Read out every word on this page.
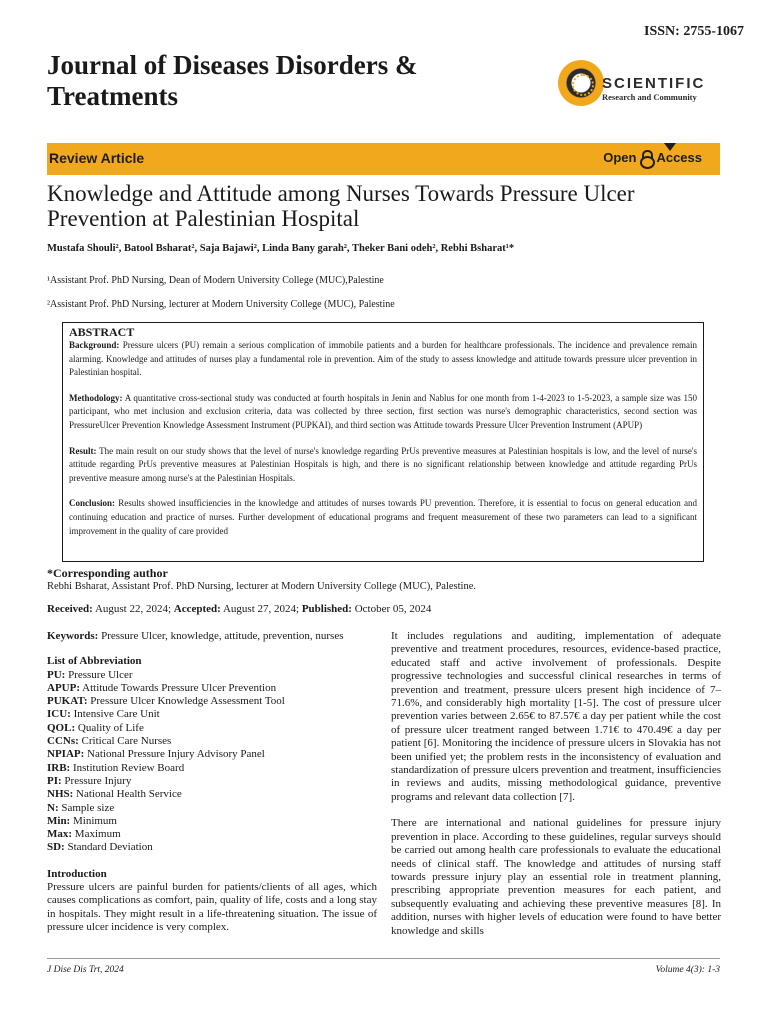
ISSN: 2755-1067
Journal of Diseases Disorders & Treatments	SCIENTIFIC
Research and Community
Review Article	Open Access
Knowledge and Attitude among Nurses Towards Pressure Ulcer Prevention at Palestinian Hospital
Mustafa Shouli², Batool Bsharat², Saja Bajawi², Linda Bany garah², Theker Bani odeh², Rebhi Bsharat¹*
¹Assistant Prof. PhD Nursing, Dean of Modern University College (MUC),Palestine
²Assistant Prof. PhD Nursing, lecturer at Modern University College (MUC), Palestine
ABSTRACT

Background: Pressure ulcers (PU) remain a serious complication of immobile patients and a burden for healthcare professionals. The incidence and prevalence remain alarming. Knowledge and attitudes of nurses play a fundamental role in prevention. Aim of the study to assess knowledge and attitude towards pressure ulcer prevention in Palestinian hospital.

Methodology: A quantitative cross-sectional study was conducted at fourth hospitals in Jenin and Nablus for one month from 1-4-2023 to 1-5-2023, a sample size was 150 participant, who met inclusion and exclusion criteria, data was collected by three section, first section was nurse's demographic characteristics, second section was PressureUlcer Prevention Knowledge Assessment Instrument (PUPKAI), and third section was Attitude towards Pressure Ulcer Prevention Instrument (APUP)

Result: The main result on our study shows that the level of nurse's knowledge regarding PrUs preventive measures at Palestinian hospitals is low, and the level of nurse's attitude regarding PrUs preventive measures at Palestinian Hospitals is high, and there is no significant relationship between knowledge and attitude regarding PrUs preventive measure among nurse's at the Palestinian Hospitals.

Conclusion: Results showed insufficiencies in the knowledge and attitudes of nurses towards PU prevention. Therefore, it is essential to focus on general education and continuing education and practice of nurses. Further development of educational programs and frequent measurement of these two parameters can lead to a significant improvement in the quality of care provided

*Corresponding author
Rebhi Bsharat, Assistant Prof. PhD Nursing, lecturer at Modern University College (MUC), Palestine.
Received: August 22, 2024; Accepted: August 27, 2024; Published: October 05, 2024

Keywords: Pressure Ulcer, knowledge, attitude, prevention, nurses

List of Abbreviation
PU: Pressure Ulcer
APUP: Attitude Towards Pressure Ulcer Prevention
PUKAT: Pressure Ulcer Knowledge Assessment Tool
ICU: Intensive Care Unit
QOL: Quality of Life
CCNs: Critical Care Nurses
NPIAP: National Pressure Injury Advisory Panel
IRB: Institution Review Board
PI: Pressure Injury
NHS: National Health Service
N: Sample size
Min: Minimum
Max: Maximum
SD: Standard Deviation
Introduction

Pressure ulcers are painful burden for patients/clients of all ages, which causes complications as comfort, pain, quality of life, costs and a long stay in hospitals. They might result in a life-threatening situation. The issue of pressure ulcer incidence is very complex.

It includes regulations and auditing, implementation of adequate preventive and treatment procedures, resources, evidence-based practice, educated staff and active involvement of professionals. Despite progressive technologies and successful clinical researches in terms of prevention and treatment, pressure ulcers present high incidence of 7–71.6%, and considerably high mortality [1-5]. The cost of pressure ulcer prevention varies between 2.65€ to 87.57€ a day per patient while the cost of pressure ulcer treatment ranged between 1.71€ to 470.49€ a day per patient [6]. Monitoring the incidence of pressure ulcers in Slovakia has not been unified yet; the problem rests in the inconsistency of evaluation and standardization of pressure ulcers prevention and treatment, insufficiencies in reviews and audits, missing methodological guidance, preventive programs and relevant data collection [7].

There are international and national guidelines for pressure injury prevention in place. According to these guidelines, regular surveys should be carried out among health care professionals to evaluate the educational needs of clinical staff. The knowledge and attitudes of nursing staff towards pressure injury play an essential role in treatment planning, prescribing appropriate prevention measures for each patient, and subsequently evaluating and achieving these preventive measures [8]. In addition, nurses with higher levels of education were found to have better knowledge and skills

J Dise Dis Trt, 2024	Volume 4(3): 1-3
